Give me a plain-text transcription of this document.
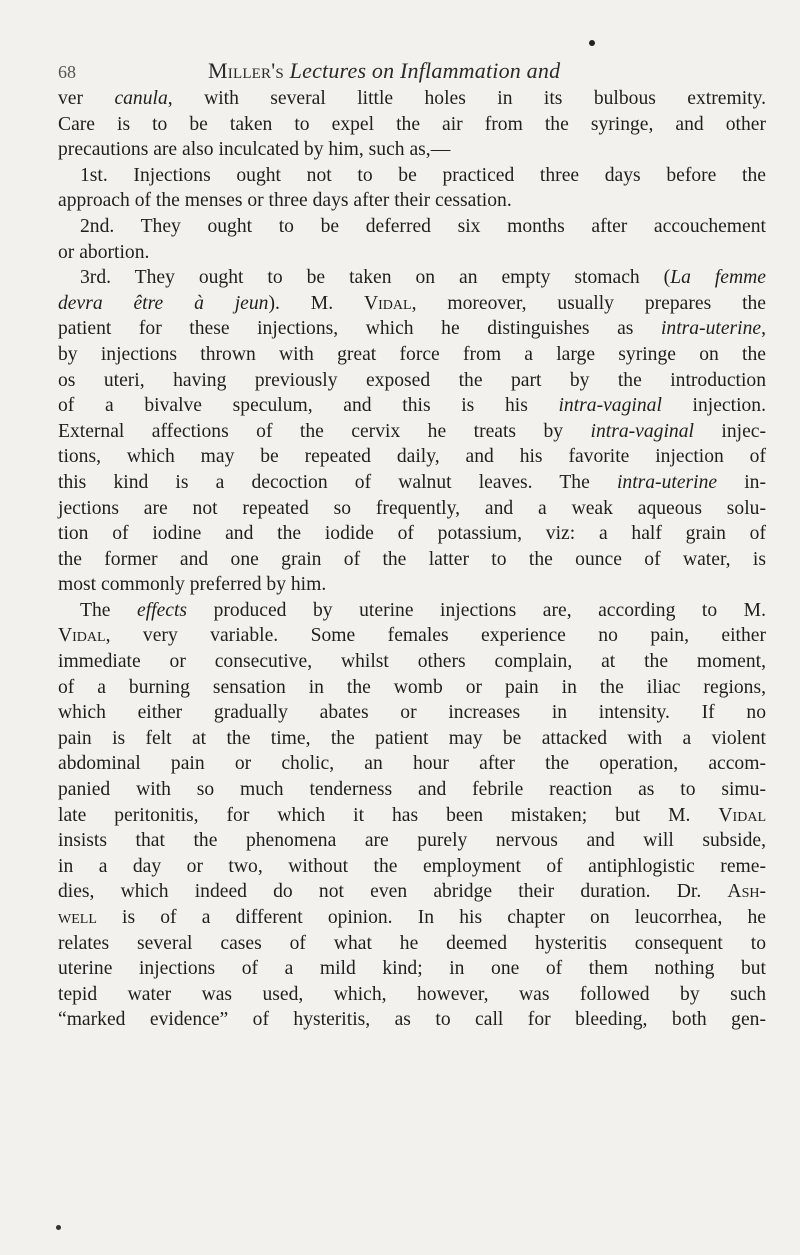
68	Miller's Lectures on Inflammation and
ver canula, with several little holes in its bulbous extremity.
Care is to be taken to expel the air from the syringe, and other
precautions are also inculcated by him, such as,—
1st. Injections ought not to be practiced three days before the
approach of the menses or three days after their cessation.
2nd. They ought to be deferred six months after accouchement
or abortion.
3rd. They ought to be taken on an empty stomach (La femme
devra être à jeun). M. Vidal, moreover, usually prepares the
patient for these injections, which he distinguishes as intra-uterine,
by injections thrown with great force from a large syringe on the
os uteri, having previously exposed the part by the introduction
of a bivalve speculum, and this is his intra-vaginal injection.
External affections of the cervix he treats by intra-vaginal injec-
tions, which may be repeated daily, and his favorite injection of
this kind is a decoction of walnut leaves. The intra-uterine in-
jections are not repeated so frequently, and a weak aqueous solu-
tion of iodine and the iodide of potassium, viz: a half grain of
the former and one grain of the latter to the ounce of water, is
most commonly preferred by him.
The effects produced by uterine injections are, according to M.
Vidal, very variable. Some females experience no pain, either
immediate or consecutive, whilst others complain, at the moment,
of a burning sensation in the womb or pain in the iliac regions,
which either gradually abates or increases in intensity. If no
pain is felt at the time, the patient may be attacked with a violent
abdominal pain or cholic, an hour after the operation, accom-
panied with so much tenderness and febrile reaction as to simu-
late peritonitis, for which it has been mistaken; but M. Vidal
insists that the phenomena are purely nervous and will subside,
in a day or two, without the employment of antiphlogistic reme-
dies, which indeed do not even abridge their duration. Dr. Ash-
well is of a different opinion. In his chapter on leucorrhea, he
relates several cases of what he deemed hysteritis consequent to
uterine injections of a mild kind; in one of them nothing but
tepid water was used, which, however, was followed by such
“marked evidence” of hysteritis, as to call for bleeding, both gen-
